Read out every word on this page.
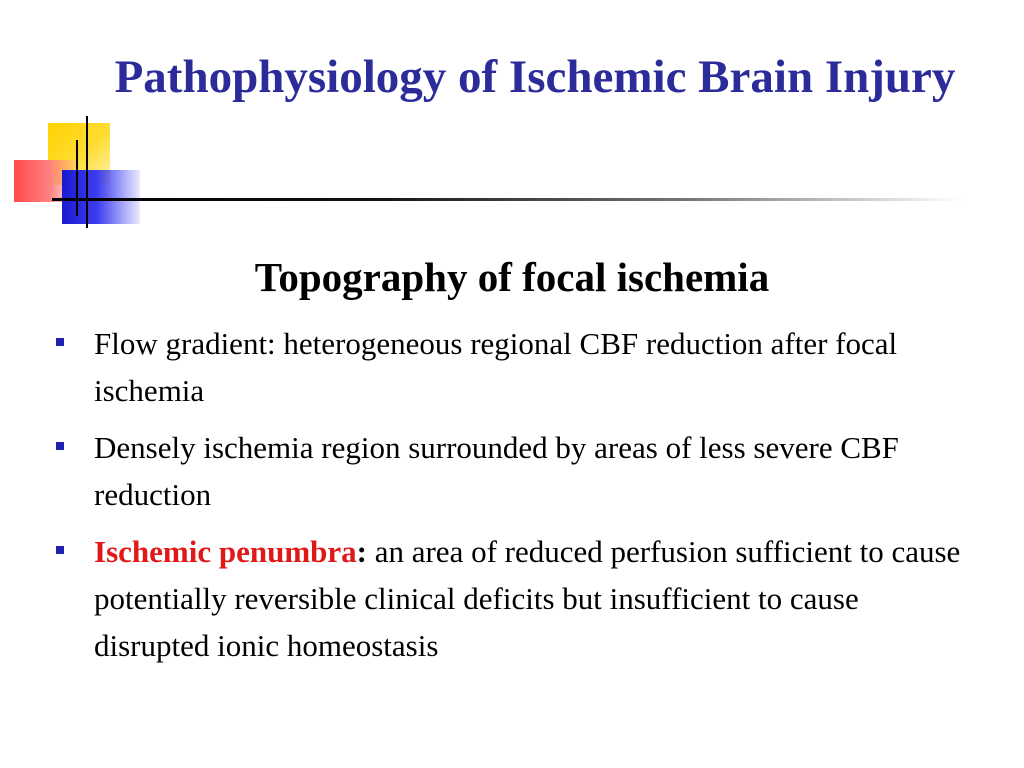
Pathophysiology of Ischemic Brain Injury
Topography of focal ischemia
Flow gradient: heterogeneous regional CBF reduction after focal ischemia
Densely ischemia region surrounded by areas of less severe CBF reduction
Ischemic penumbra: an area of reduced perfusion sufficient to cause potentially reversible clinical deficits but insufficient to cause disrupted ionic homeostasis
